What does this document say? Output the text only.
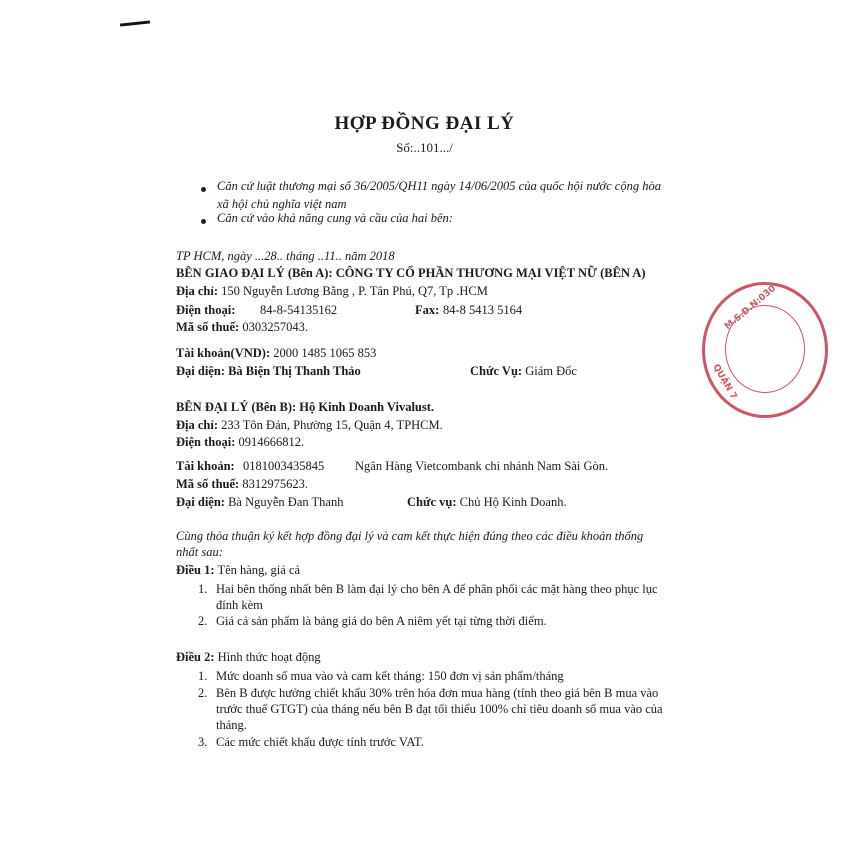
HỢP ĐỒNG ĐẠI LÝ
Số:..101.../
Căn cứ luật thương mại số 36/2005/QH11 ngày 14/06/2005 của quốc hội nước cộng hòa
xã hội chủ nghĩa việt nam
Căn cứ vào khả năng cung và cầu của hai bên:
TP HCM, ngày ...28.. tháng ..11.. năm 2018
BÊN GIAO ĐẠI LÝ (Bên A): CÔNG TY CỔ PHẦN THƯƠNG MẠI VIỆT NỮ (BÊN A)
Địa chỉ: 150 Nguyễn Lương Bằng , P. Tân Phú, Q7, Tp .HCM
Điện thoại: 84-8-54135162	Fax: 84-8 5413 5164
Mã số thuế: 0303257043.
Tài khoản(VND): 2000 1485 1065 853
Đại diện: Bà Biện Thị Thanh Thảo	Chức Vụ: Giám Đốc
BÊN ĐẠI LÝ (Bên B): Hộ Kinh Doanh Vivalust.
Địa chỉ: 233 Tôn Đản, Phường 15, Quận 4, TPHCM.
Điện thoại: 0914666812.
Tài khoản: 0181003435845 Ngân Hàng Vietcombank chi nhánh Nam Sài Gòn.
Mã số thuế: 8312975623.
Đại diện: Bà Nguyễn Đan Thanh	Chức vụ: Chủ Hộ Kinh Doanh.
Cùng thỏa thuận ký kết hợp đồng đại lý và cam kết thực hiện đúng theo các điều khoản thống
nhất sau:
Điều 1: Tên hàng, giá cả
1. Hai bên thống nhất bên B làm đại lý cho bên A để phân phối các mặt hàng theo phục lục
đính kèm
2. Giá cả sản phẩm là bảng giá do bên A niêm yết tại từng thời điểm.
Điều 2: Hình thức hoạt động
1. Mức doanh số mua vào và cam kết tháng: 150 đơn vị sản phẩm/tháng
2. Bên B được hưởng chiết khấu 30% trên hóa đơn mua hàng (tính theo giá bên B mua vào
trước thuế GTGT) của tháng nếu bên B đạt tối thiểu 100% chỉ tiêu doanh số mua vào của
tháng.
3. Các mức chiết khấu được tính trước VAT.
M.S.D.N:030
QUẬN 7
